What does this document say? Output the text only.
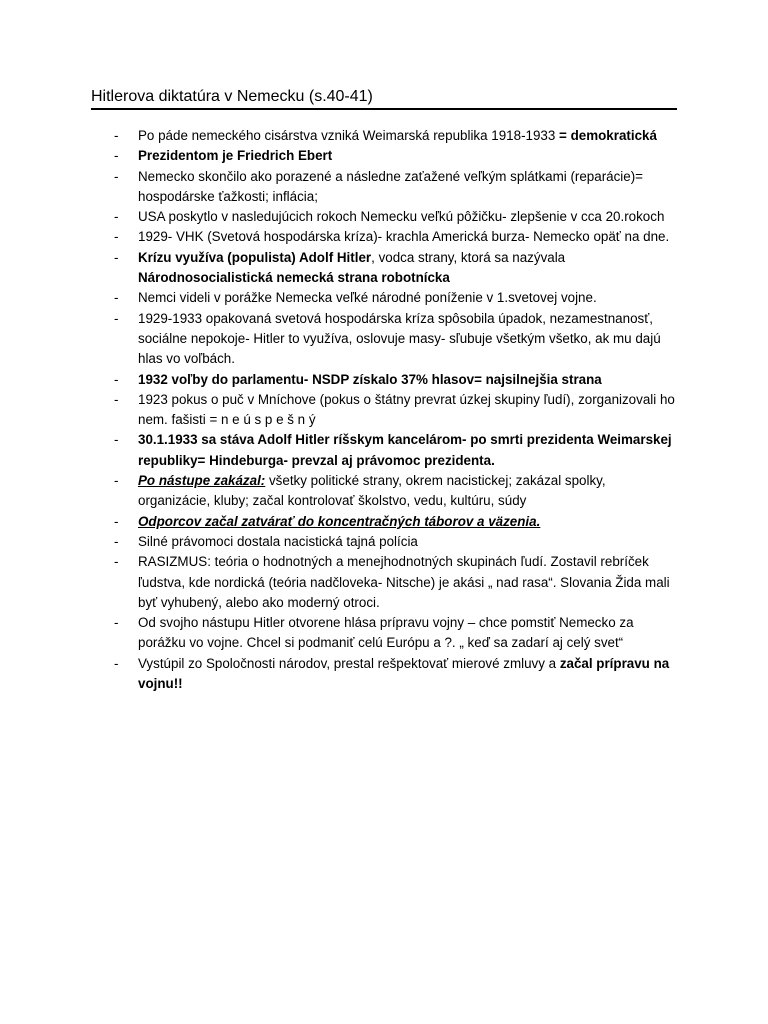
Hitlerova diktatúra v Nemecku (s.40-41)
-	Po páde nemeckého cisárstva vzniká Weimarská republika 1918-1933 = demokratická
-	Prezidentom je Friedrich Ebert
-	Nemecko skončilo ako porazené a následne zaťažené veľkým splátkami (reparácie)= hospodárske ťažkosti; inflácia;
-	USA poskytlo v nasledujúcich rokoch Nemecku veľkú pôžičku- zlepšenie v cca 20.rokoch
-	1929- VHK (Svetová hospodárska kríza)- krachla Americká burza- Nemecko opäť na dne.
-	Krízu využíva (populista) Adolf Hitler, vodca strany, ktorá sa nazývala Národnosocialistická nemecká strana robotnícka
-	Nemci videli v porážke Nemecka veľké národné poníženie v 1.svetovej vojne.
-	1929-1933 opakovaná svetová hospodárska kríza spôsobila úpadok, nezamestnanosť, sociálne nepokoje- Hitler to využíva, oslovuje masy- sľubuje všetkým všetko, ak mu dajú hlas vo voľbách.
-	1932 voľby do parlamentu- NSDP získalo 37% hlasov= najsilnejšia strana
-	1923 pokus o puč v Mníchove (pokus o štátny prevrat úzkej skupiny ľudí), zorganizovali ho nem. fašisti = n e ú s p e š n ý
-	30.1.1933 sa stáva Adolf Hitler ríšskym kancelárom- po smrti prezidenta Weimarskej republiky= Hindeburga- prevzal aj právomoc prezidenta.
-	Po nástupe zakázal: všetky politické strany, okrem nacistickej; zakázal spolky, organizácie, kluby; začal kontrolovať školstvo, vedu, kultúru, súdy
-	Odporcov začal zatvárať do koncentračných táborov a väzenia.
-	Silné právomoci dostala nacistická tajná polícia
-	RASIZMUS: teória o hodnotných a menejhodnotných skupinách ľudí. Zostavil rebríček ľudstva, kde nordická (teória nadčloveka- Nitsche) je akási „ nad rasa“. Slovania Žida mali byť vyhubený, alebo ako moderný otroci.
-	Od svojho nástupu Hitler otvorene hlása prípravu vojny – chce pomstiť Nemecko za porážku vo vojne. Chcel si podmaniť celú Európu a ?. „ keď sa zadarí aj celý svet“
-	Vystúpil zo Spoločnosti národov, prestal rešpektovať mierové zmluvy a začal prípravu na vojnu!!
